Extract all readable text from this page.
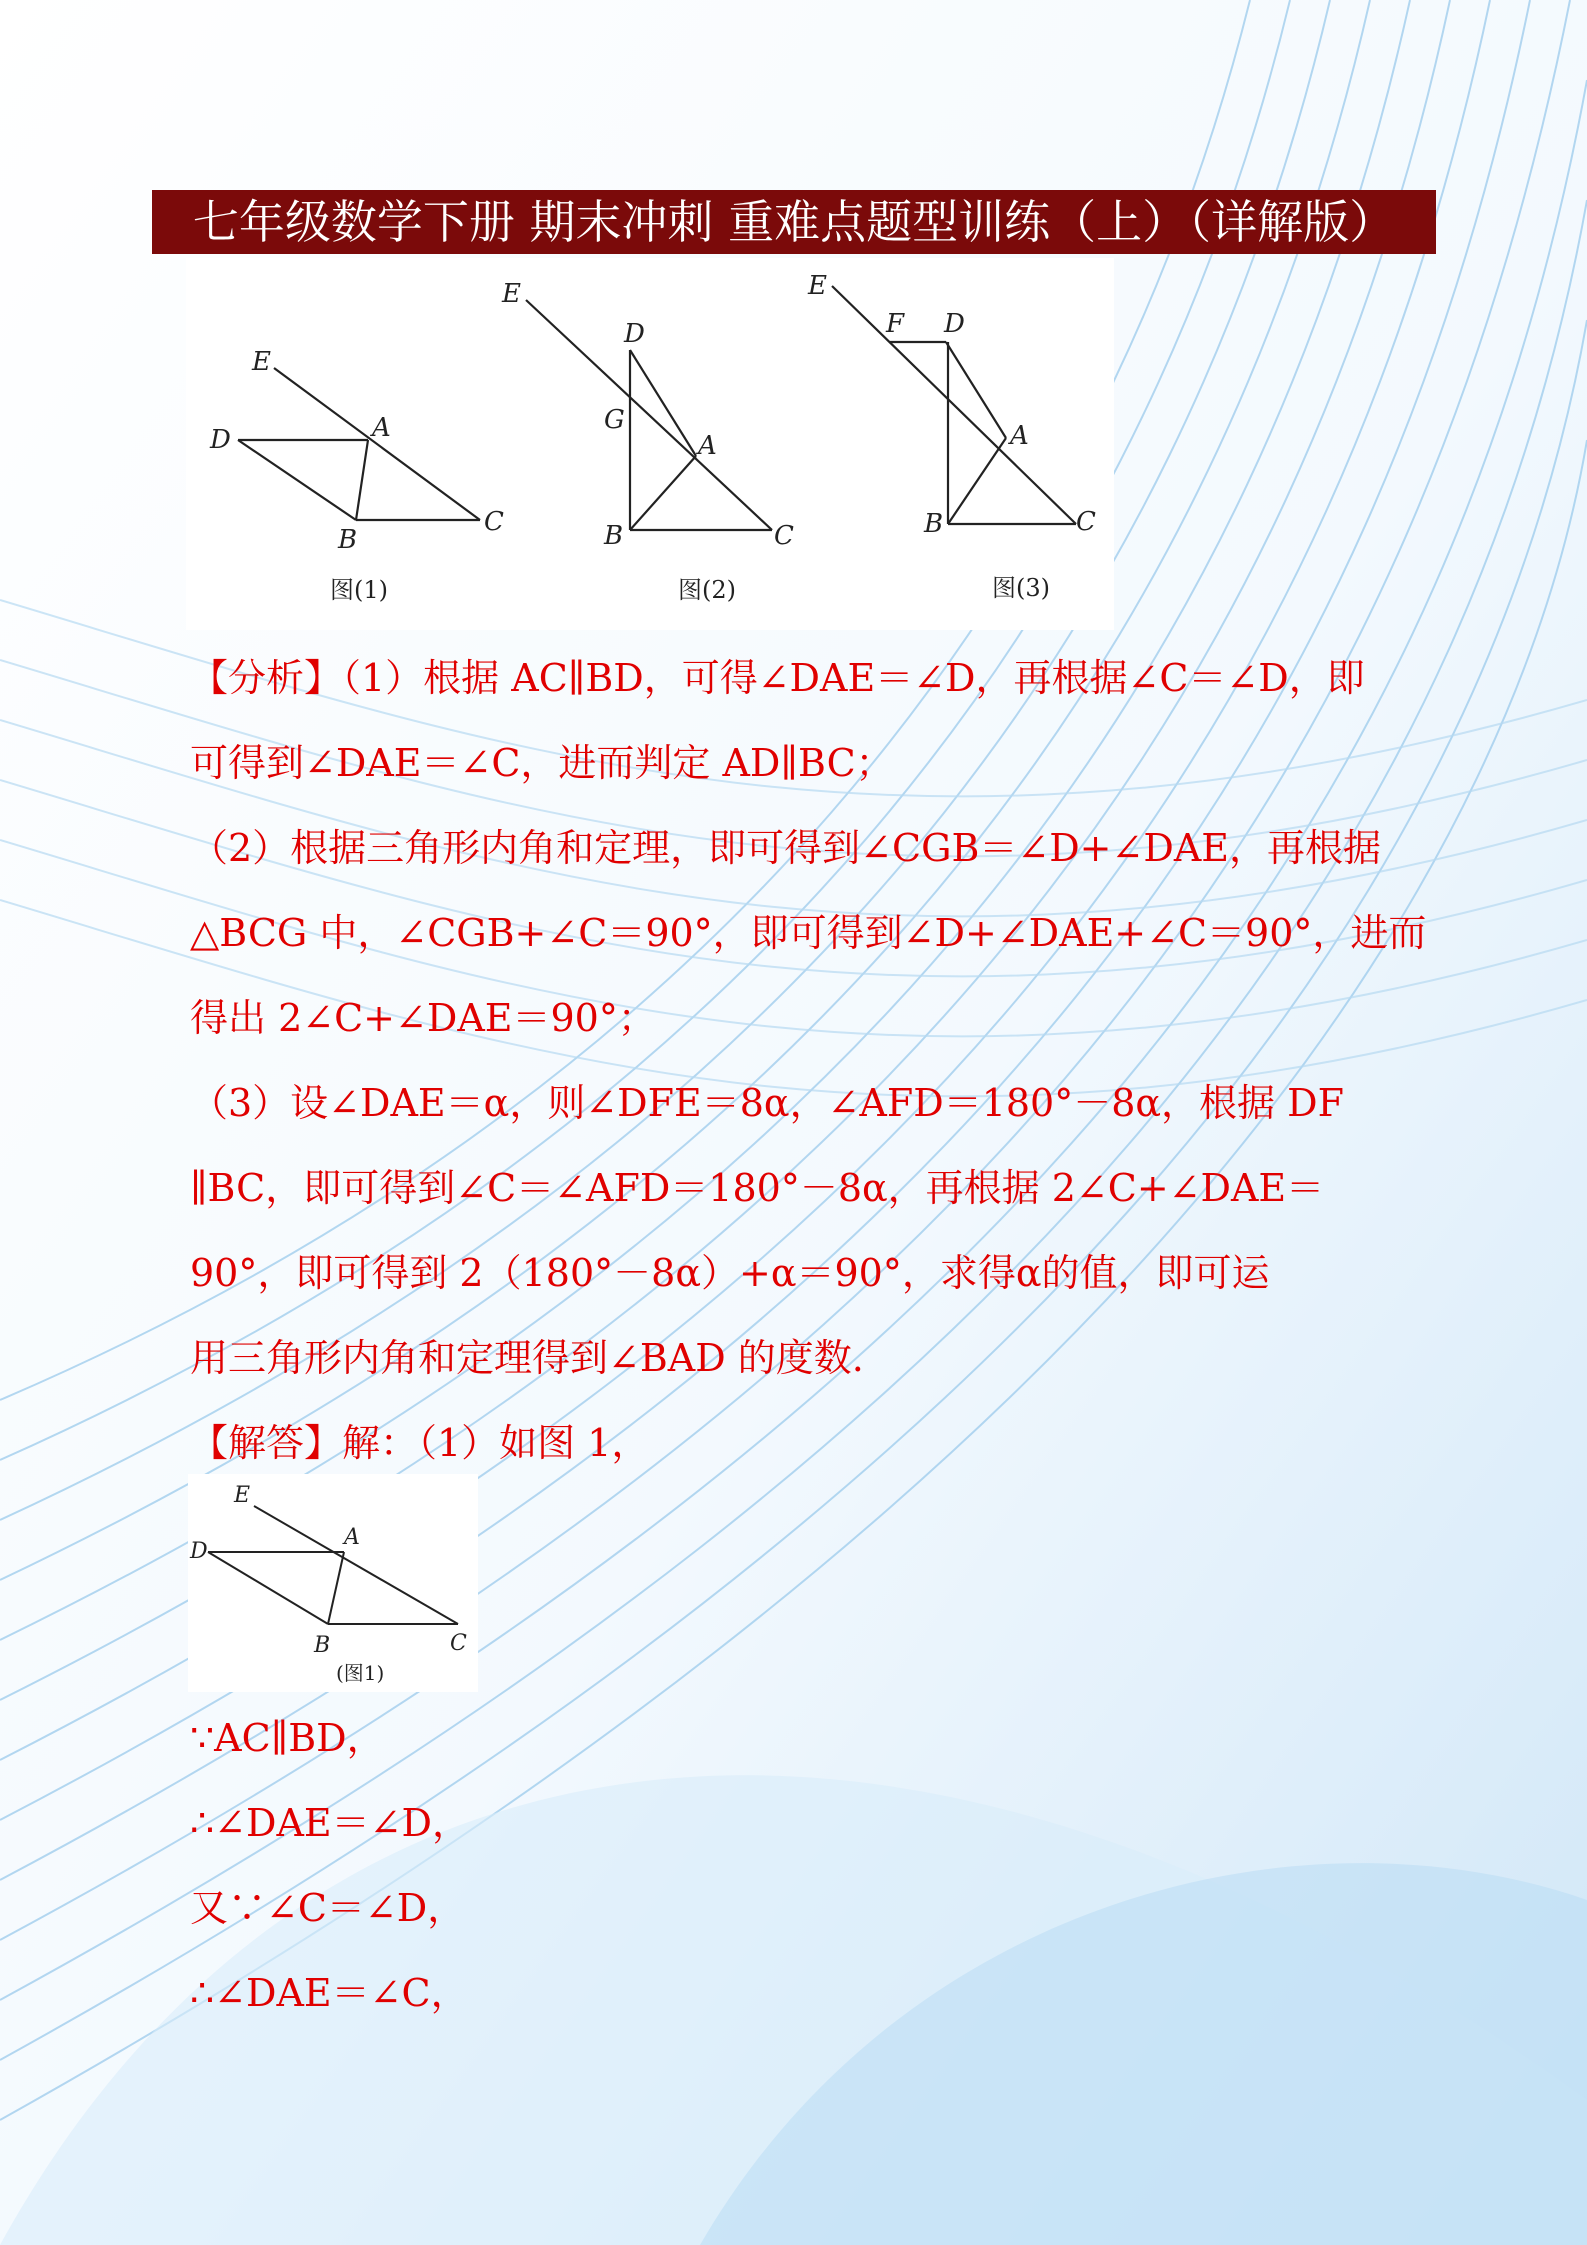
七年级数学下册 期末冲刺 重难点题型训练（上）（详解版）
E
D	A
B
C
图(1)
E
D
G
A
B	C
图(2)
E
F D
A
B	C
图(3)
【分析】（1）根据 AC∥BD，可得∠DAE＝∠D，再根据∠C＝∠D，即
可得到∠DAE＝∠C，进而判定 AD∥BC；
（2）根据三角形内角和定理，即可得到∠CGB＝∠D+∠DAE，再根据
△BCG 中，∠CGB+∠C＝90°，即可得到∠D+∠DAE+∠C＝90°，进而
得出 2∠C+∠DAE＝90°；
（3）设∠DAE＝α，则∠DFE＝8α，∠AFD＝180°－8α，根据 DF
∥BC，即可得到∠C＝∠AFD＝180°－8α，再根据 2∠C+∠DAE＝
90°，即可得到 2（180°－8α）+α＝90°，求得α的值，即可运
用三角形内角和定理得到∠BAD 的度数.
【解答】解：（1）如图 1，
E
D
A
B	C
(图1)
∵AC∥BD，
∴∠DAE＝∠D，
又∵∠C＝∠D，
∴∠DAE＝∠C，
